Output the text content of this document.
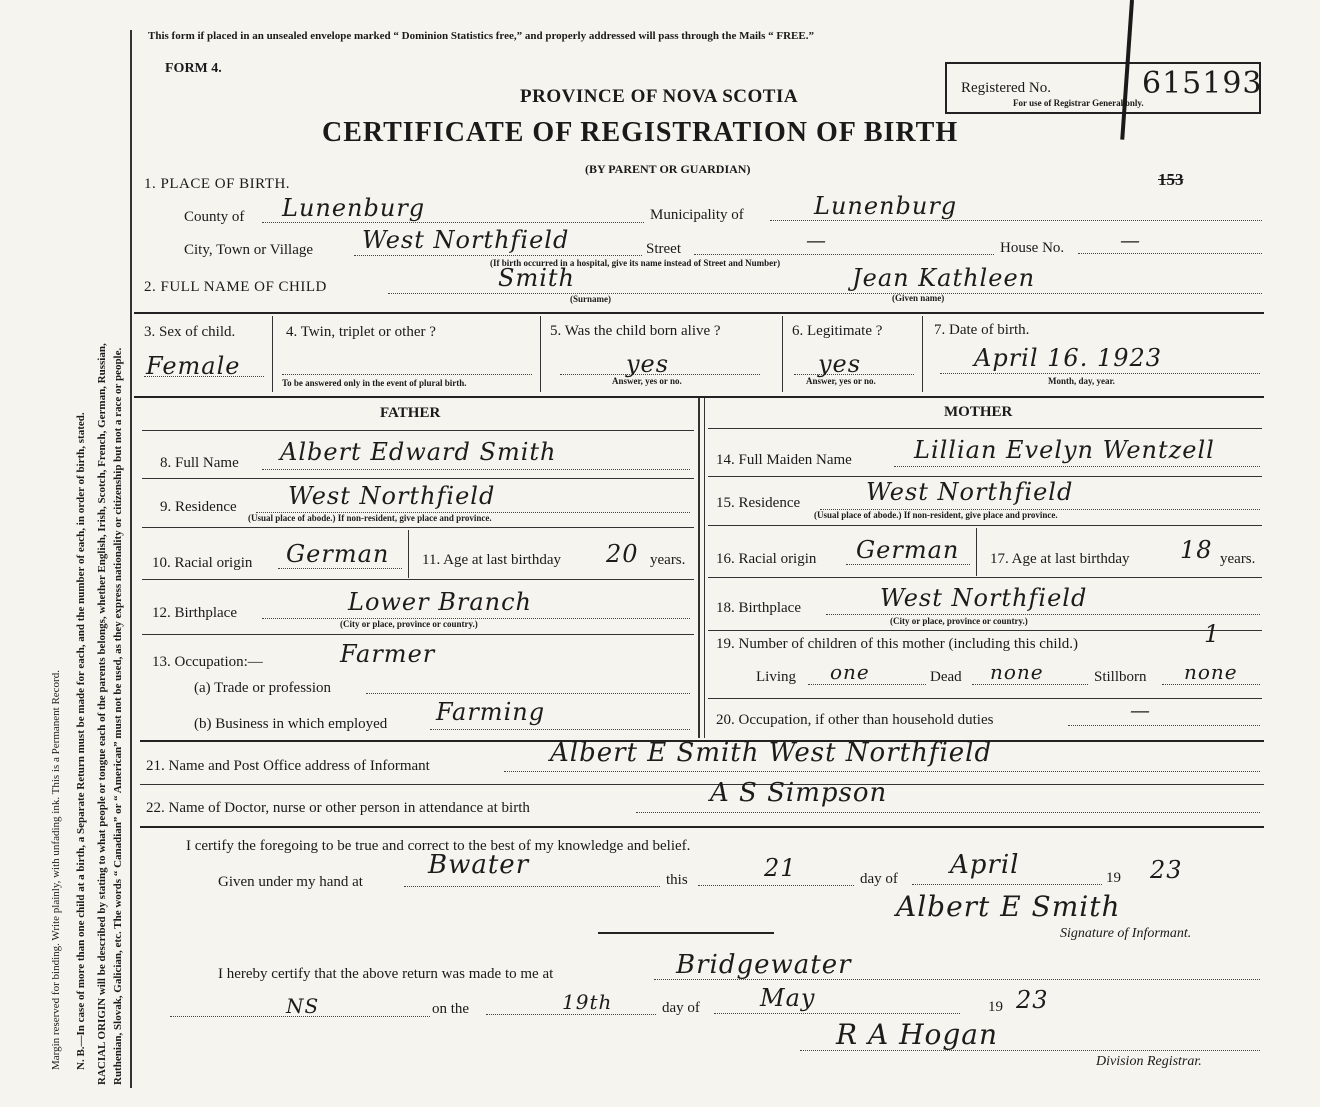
Margin reserved for binding. Write plainly, with unfading ink. This is a Permanent Record. N. B.—In case of more than one child at a birth, a Separate Return must be made for each, and the number of each, in order of birth, stated. RACIAL ORIGIN will be described by stating to what people or tongue each of the parents belongs, whether English, Irish, Scotch, French, German, Russian, Ruthenian, Slovak, Galician, etc. The words “ Canadian” or “ American” must not be used, as they express nationality or citizenship but not a race or people.
This form if placed in an unsealed envelope marked “ Dominion Statistics free,” and properly addressed will pass through the Mails “ FREE.”
FORM 4.
PROVINCE OF NOVA SCOTIA
CERTIFICATE OF REGISTRATION OF BIRTH
(BY PARENT OR GUARDIAN)
Registered No.	615193
For use of Registrar General only.
153
1. PLACE OF BIRTH.
County of Lunenburg	Municipality of	Lunenburg
City, Town or Village West Northfield	Street	—	House No.	—
(If birth occurred in a hospital, give its name instead of Street and Number)
2. FULL NAME OF CHILD	Smith	Jean Kathleen
(Surname)	(Given name)
3. Sex of child.
Female
4. Twin, triplet or other ?
To be answered only in the event of plural birth.
5. Was the child born alive ?
yes
Answer, yes or no.
6. Legitimate ?
yes
Answer, yes or no.
7. Date of birth.
April 16. 1923
Month, day, year.
FATHER	MOTHER
8. Full Name Albert Edward Smith
9. Residence West Northfield
(Usual place of abode.) If non-resident, give place and province.
10. Racial origin German 11. Age at last birthday 20 years.
12. Birthplace	Lower Branch
(City or place, province or country.)
13. Occupation:—	Farmer
(a) Trade or profession
(b) Business in which employed Farming
14. Full Maiden Name	Lillian Evelyn Wentzell
15. Residence	West Northfield
(Usual place of abode.) If non-resident, give place and province.
16. Racial origin German 17. Age at last birthday 18 years.
18. Birthplace	West Northfield
(City or place, province or country.)
19. Number of children of this mother (including this child.)	1
Living one	Dead none	Stillborn none
20. Occupation, if other than household duties	—
21. Name and Post Office address of Informant	Albert E Smith West Northfield
22. Name of Doctor, nurse or other person in attendance at birth	A S Simpson
I certify the foregoing to be true and correct to the best of my knowledge and belief.
Given under my hand at
Bwater	this	21	day of April	19 23
Albert E Smith
Signature of Informant.
I hereby certify that the above return was made to me at	Bridgewater
NS	on the	19th	day of	May	19 23
R A Hogan
Division Registrar.
